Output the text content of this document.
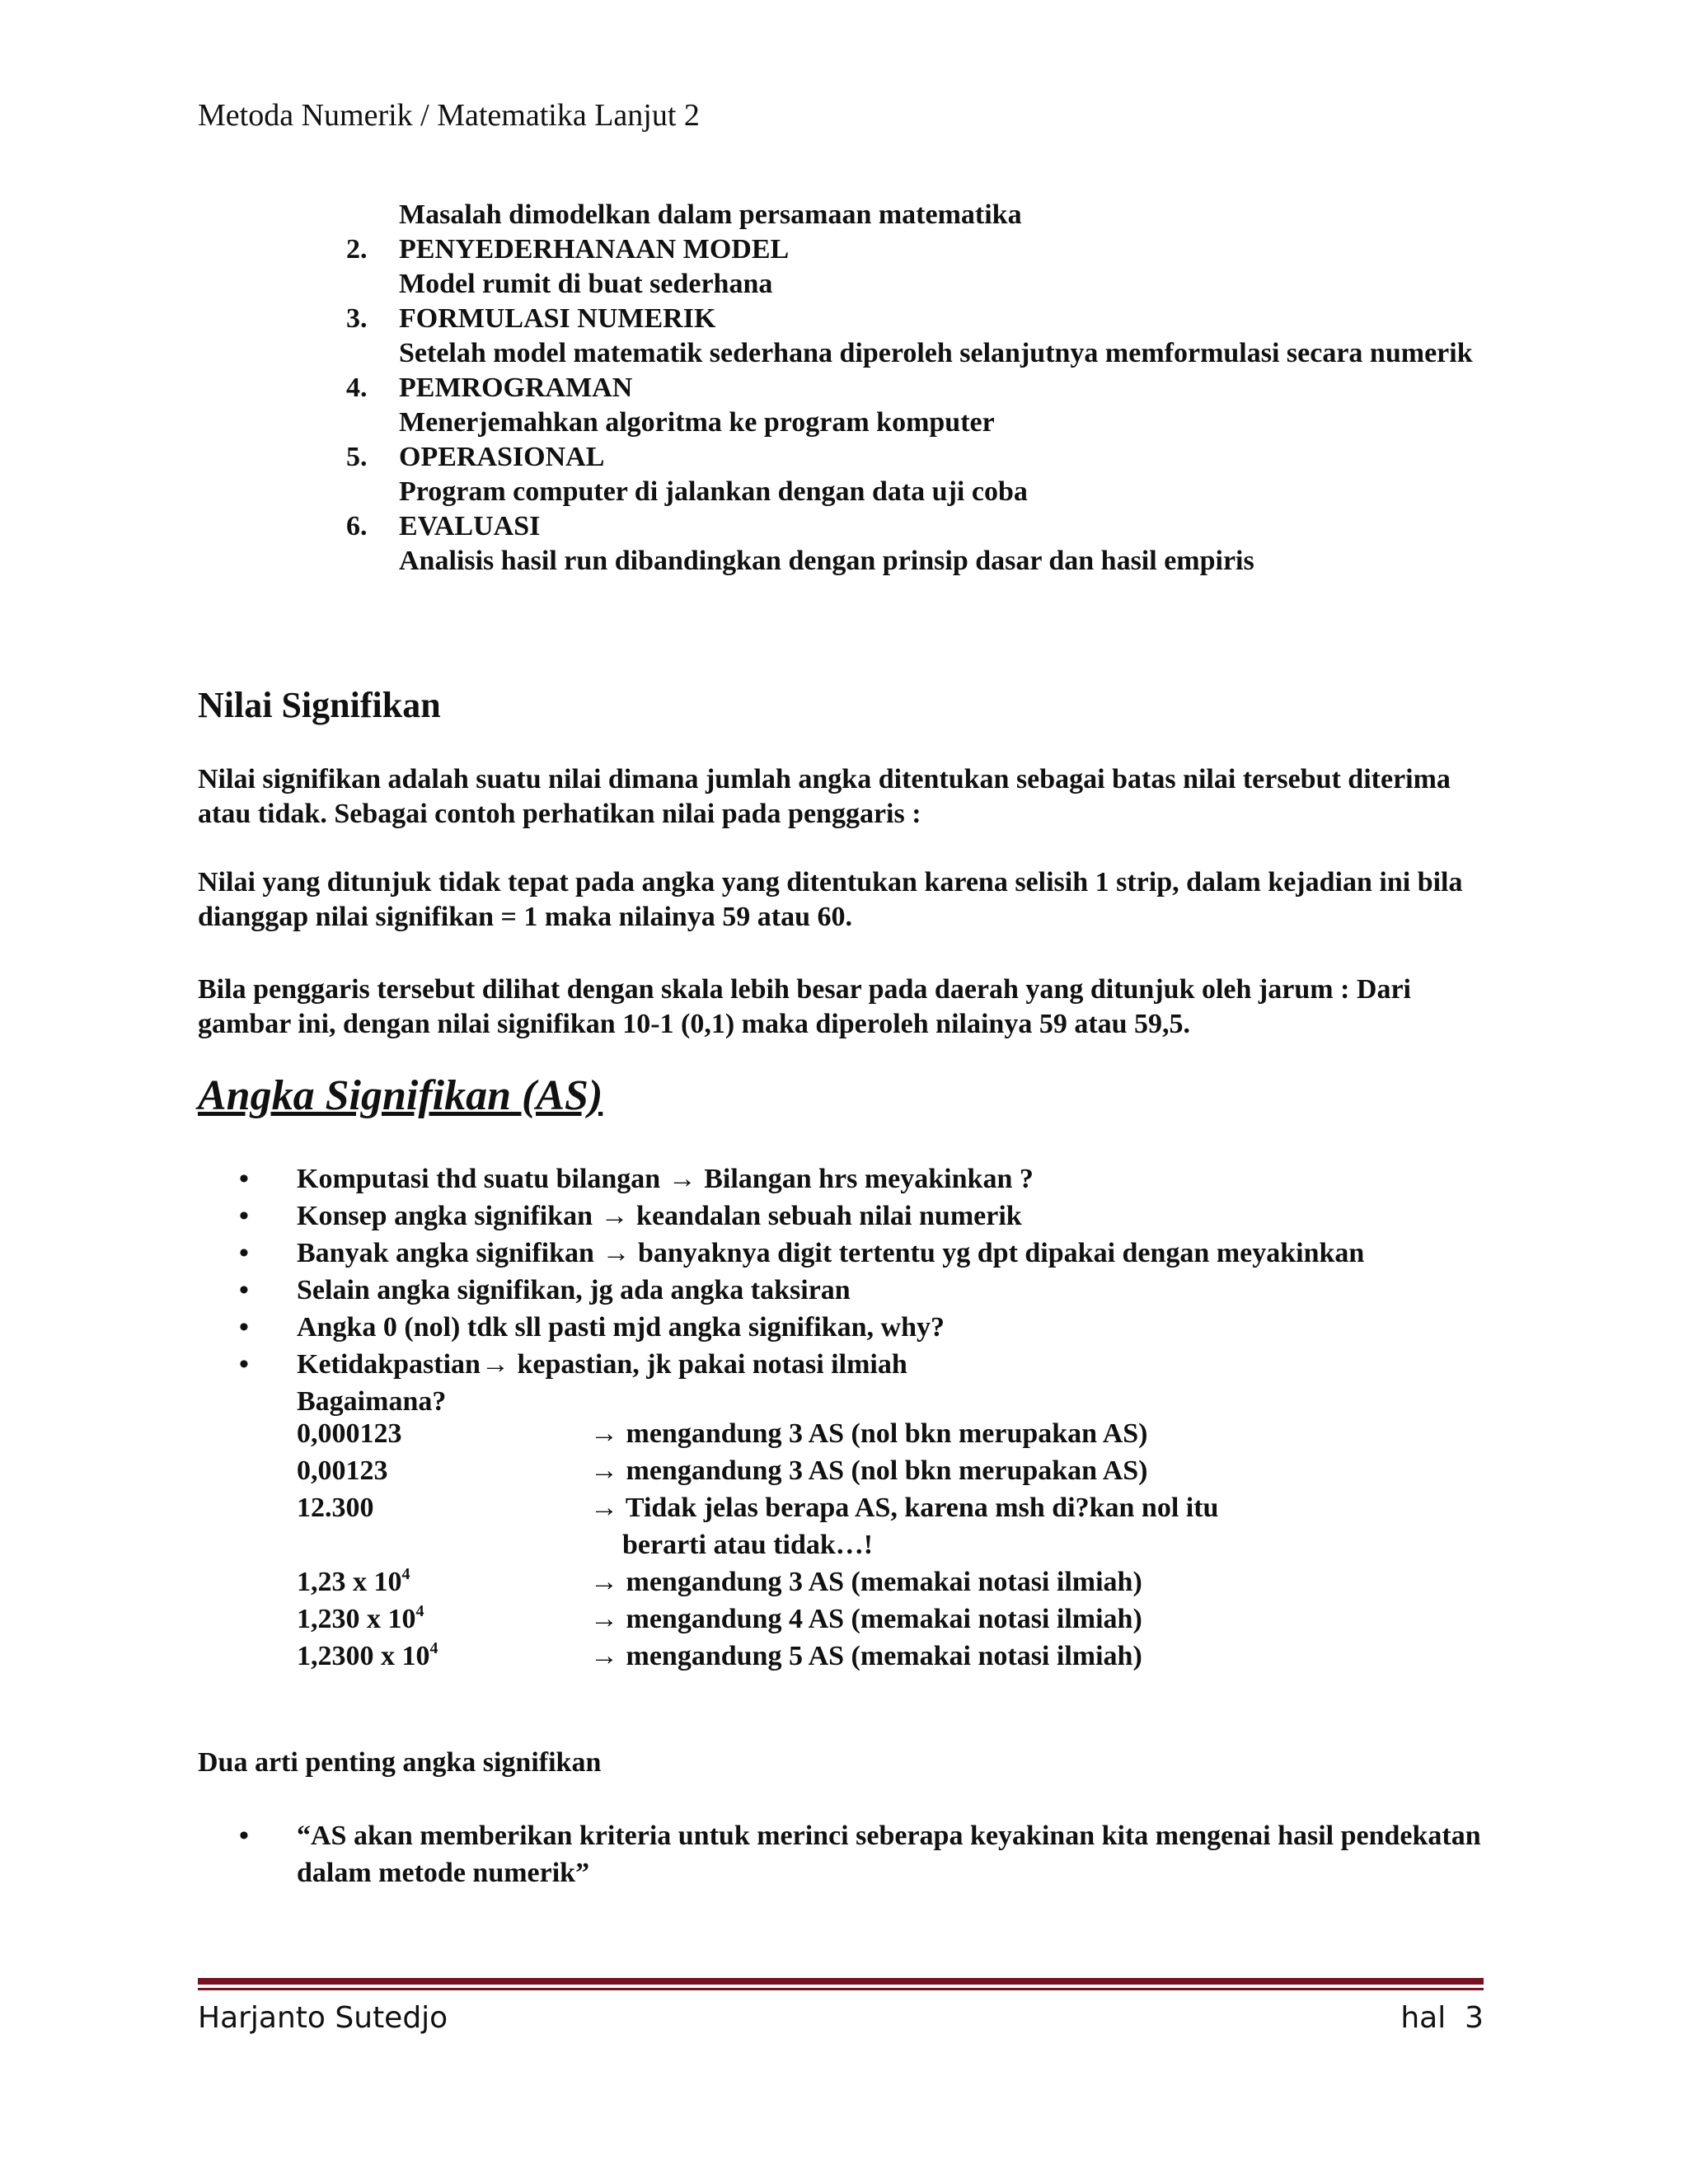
Metoda Numerik / Matematika Lanjut 2
Masalah dimodelkan dalam persamaan matematika
2.	PENYEDERHANAAN MODEL
Model rumit di buat sederhana
3.	FORMULASI NUMERIK
Setelah model matematik sederhana diperoleh selanjutnya memformulasi secara numerik
4.	PEMROGRAMAN
Menerjemahkan algoritma ke program komputer
5.	OPERASIONAL
Program computer di jalankan dengan data uji coba
6.	EVALUASI
Analisis hasil run dibandingkan dengan prinsip dasar dan hasil empiris
Nilai Signifikan
Nilai signifikan adalah suatu nilai dimana jumlah angka ditentukan sebagai batas nilai tersebut diterima atau tidak. Sebagai contoh perhatikan nilai pada penggaris :
Nilai yang ditunjuk tidak tepat pada angka yang ditentukan karena selisih 1 strip, dalam kejadian ini bila dianggap nilai signifikan = 1 maka nilainya 59 atau 60.
Bila penggaris tersebut dilihat dengan skala lebih besar pada daerah yang ditunjuk oleh jarum : Dari gambar ini, dengan nilai signifikan 10-1 (0,1) maka diperoleh nilainya 59 atau 59,5.
Angka Signifikan (AS)
•	Komputasi thd suatu bilangan → Bilangan hrs meyakinkan ?
•	Konsep angka signifikan → keandalan sebuah nilai numerik
•	Banyak angka signifikan → banyaknya digit tertentu yg dpt dipakai dengan meyakinkan
•	Selain angka signifikan, jg ada angka taksiran
•	Angka 0 (nol) tdk sll pasti mjd angka signifikan, why?
•	Ketidakpastian→ kepastian, jk pakai notasi ilmiah
Bagaimana?
0,000123	→ mengandung 3 AS (nol bkn merupakan AS)
0,00123	→ mengandung 3 AS (nol bkn merupakan AS)
12.300	→ Tidak jelas berapa AS, karena msh di?kan nol itu
berarti atau tidak…!
1,23 x $10^4$	→ mengandung 3 AS (memakai notasi ilmiah)
1,230 x $10^4$	→ mengandung 4 AS (memakai notasi ilmiah)
1,2300 x $10^4$	→ mengandung 5 AS (memakai notasi ilmiah)
Dua arti penting angka signifikan
•	“AS akan memberikan kriteria untuk merinci seberapa keyakinan kita mengenai hasil pendekatan dalam metode numerik”
Harjanto Sutedjo	hal  3
